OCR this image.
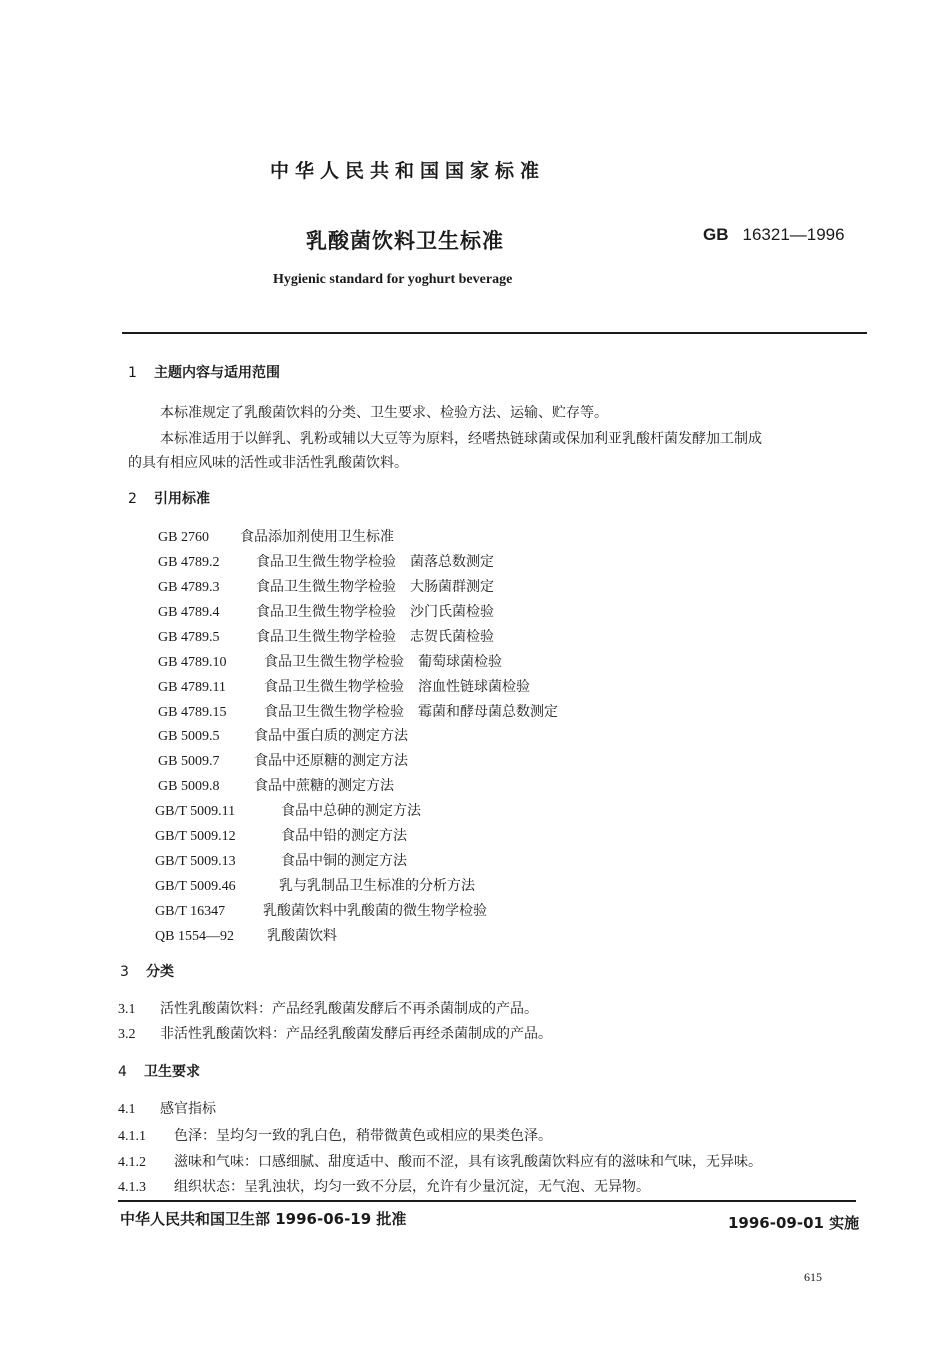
中华人民共和国国家标准
乳酸菌饮料卫生标准	GB 16321—1996
Hygienic standard for yoghurt beverage
1 主题内容与适用范围
本标准规定了乳酸菌饮料的分类、卫生要求、检验方法、运输、贮存等。
本标准适用于以鲜乳、乳粉或辅以大豆等为原料，经嗜热链球菌或保加利亚乳酸杆菌发酵加工制成
的具有相应风味的活性或非活性乳酸菌饮料。
2 引用标准
GB 2760 食品添加剂使用卫生标准
GB 4789.2	食品卫生微生物学检验　菌落总数测定
GB 4789.3	食品卫生微生物学检验　大肠菌群测定
GB 4789.4	食品卫生微生物学检验　沙门氏菌检验
GB 4789.5	食品卫生微生物学检验　志贺氏菌检验
GB 4789.10	食品卫生微生物学检验　葡萄球菌检验
GB 4789.11	食品卫生微生物学检验　溶血性链球菌检验
GB 4789.15	食品卫生微生物学检验　霉菌和酵母菌总数测定
GB 5009.5 食品中蛋白质的测定方法
GB 5009.7 食品中还原糖的测定方法
GB 5009.8 食品中蔗糖的测定方法
GB/T 5009.11	食品中总砷的测定方法
GB/T 5009.12	食品中铅的测定方法
GB/T 5009.13	食品中铜的测定方法
GB/T 5009.46	乳与乳制品卫生标准的分析方法
GB/T 16347	乳酸菌饮料中乳酸菌的微生物学检验
QB 1554—92 乳酸菌饮料
3 分类
3.1 活性乳酸菌饮料：产品经乳酸菌发酵后不再杀菌制成的产品。
3.2 非活性乳酸菌饮料：产品经乳酸菌发酵后再经杀菌制成的产品。
4 卫生要求
4.1 感官指标
4.1.1 色泽：呈均匀一致的乳白色，稍带微黄色或相应的果类色泽。
4.1.2 滋味和气味：口感细腻、甜度适中、酸而不涩，具有该乳酸菌饮料应有的滋味和气味，无异味。
4.1.3 组织状态：呈乳浊状，均匀一致不分层，允许有少量沉淀，无气泡、无异物。
中华人民共和国卫生部 1996-06-19 批准	1996-09-01 实施
615
